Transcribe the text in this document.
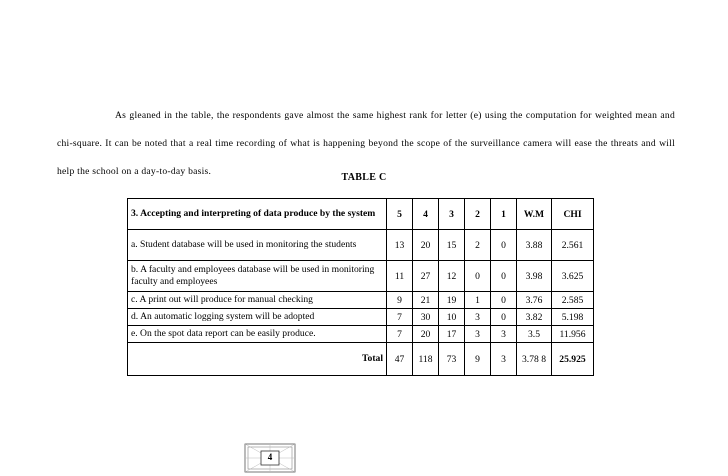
As gleaned in the table, the respondents gave almost the same highest rank for letter (e) using the computation for weighted mean and chi-square. It can be noted that a real time recording of what is happening beyond the scope of the surveillance camera will ease the threats and will help the school on a day-to-day basis.

TABLE C
3. Accepting and interpreting of data produce by the system	5	4	3	2	1	W.M	CHI
a. Student database will be used in monitoring the students	13	20	15	2	0	3.88	2.561
b. A faculty and employees database will be used in monitoring faculty and employees	11	27	12	0	0	3.98	3.625
c. A print out will produce for manual checking	9	21	19	1	0	3.76	2.585
d. An automatic logging system will be adopted	7	30	10	3	0	3.82	5.198
e. On the spot data report can be easily produce.	7	20	17	3	3	3.5	11.956
Total	47	118	73	9	3	3.78 8	25.925
4
